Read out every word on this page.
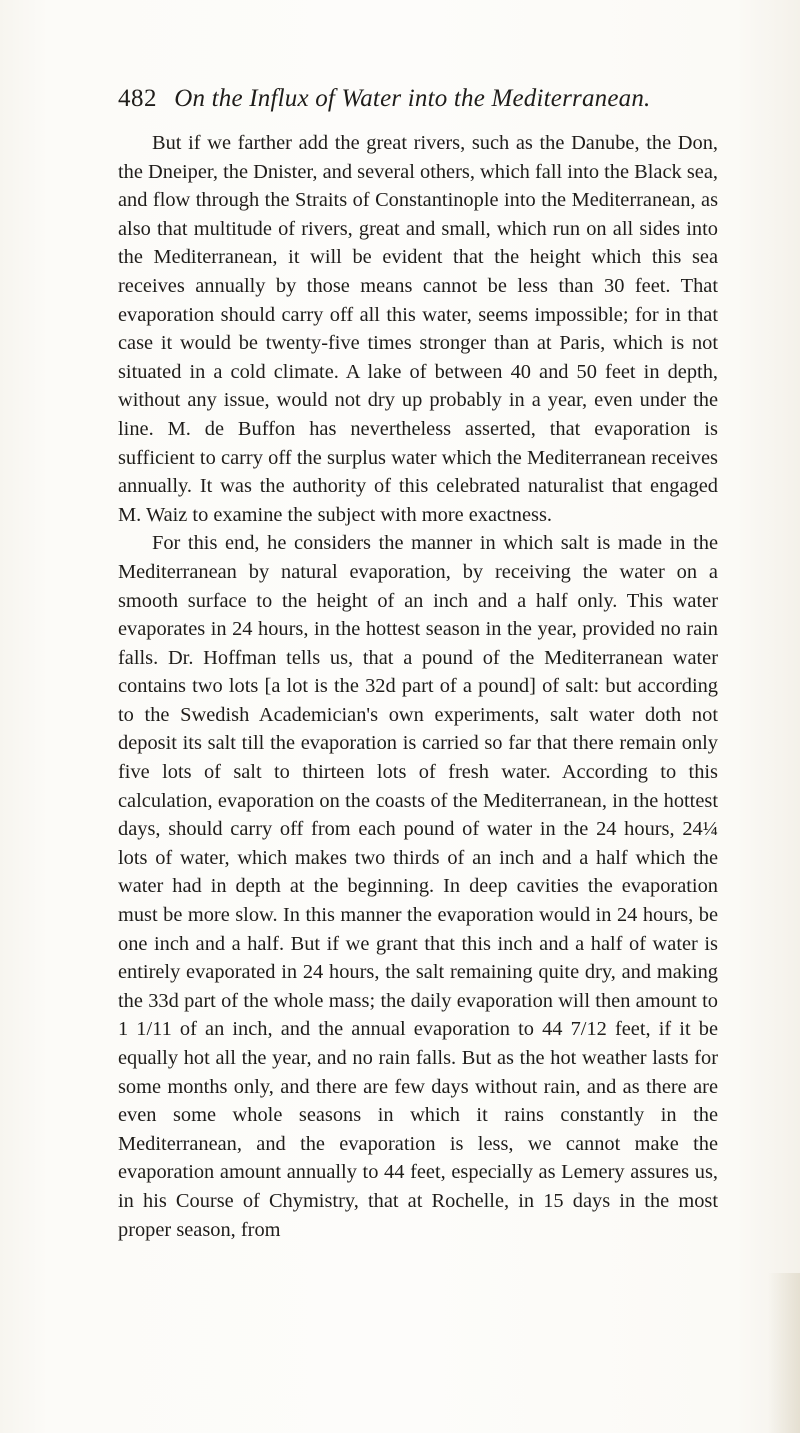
482 On the Influx of Water into the Mediterranean.

But if we farther add the great rivers, such as the Danube, the Don, the Dneiper, the Dnister, and several others, which fall into the Black sea, and flow through the Straits of Constantinople into the Mediterranean, as also that multitude of rivers, great and small, which run on all sides into the Mediterranean, it will be evident that the height which this sea receives annually by those means cannot be less than 30 feet. That evaporation should carry off all this water, seems impossible; for in that case it would be twenty-five times stronger than at Paris, which is not situated in a cold climate. A lake of between 40 and 50 feet in depth, without any issue, would not dry up probably in a year, even under the line. M. de Buffon has nevertheless asserted, that evaporation is sufficient to carry off the surplus water which the Mediterranean receives annually. It was the authority of this celebrated naturalist that engaged M. Waiz to examine the subject with more exactness.

For this end, he considers the manner in which salt is made in the Mediterranean by natural evaporation, by receiving the water on a smooth surface to the height of an inch and a half only. This water evaporates in 24 hours, in the hottest season in the year, provided no rain falls. Dr. Hoffman tells us, that a pound of the Mediterranean water contains two lots [a lot is the 32d part of a pound] of salt: but according to the Swedish Academician's own experiments, salt water doth not deposit its salt till the evaporation is carried so far that there remain only five lots of salt to thirteen lots of fresh water. According to this calculation, evaporation on the coasts of the Mediterranean, in the hottest days, should carry off from each pound of water in the 24 hours, 24¼ lots of water, which makes two thirds of an inch and a half which the water had in depth at the beginning. In deep cavities the evaporation must be more slow. In this manner the evaporation would in 24 hours, be one inch and a half. But if we grant that this inch and a half of water is entirely evaporated in 24 hours, the salt remaining quite dry, and making the 33d part of the whole mass; the daily evaporation will then amount to 1 1/11 of an inch, and the annual evaporation to 44 7/12 feet, if it be equally hot all the year, and no rain falls. But as the hot weather lasts for some months only, and there are few days without rain, and as there are even some whole seasons in which it rains constantly in the Mediterranean, and the evaporation is less, we cannot make the evaporation amount annually to 44 feet, especially as Lemery assures us, in his Course of Chymistry, that at Rochelle, in 15 days in the most proper season, from
